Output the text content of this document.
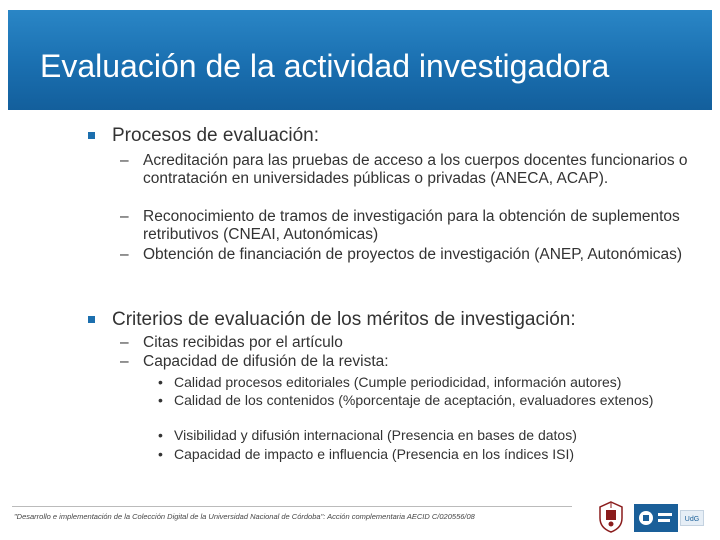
Evaluación de la actividad investigadora
Procesos de evaluación:
– Acreditación para las pruebas de acceso a los cuerpos docentes funcionarios o contratación en universidades públicas o privadas (ANECA, ACAP).
– Reconocimiento de tramos de investigación para la obtención de suplementos retributivos (CNEAI, Autonómicas)
– Obtención de financiación de proyectos de investigación (ANEP, Autonómicas)
Criterios de evaluación de los méritos de investigación:
– Citas recibidas por el artículo
– Capacidad de difusión de la revista:
• Calidad procesos editoriales (Cumple periodicidad, información autores)
• Calidad de los contenidos (%porcentaje de aceptación, evaluadores extenos)
• Visibilidad y difusión internacional (Presencia en bases de datos)
• Capacidad de impacto e influencia (Presencia en los índices ISI)
"Desarrollo e implementación de la Colección Digital de la Universidad Nacional de Córdoba": Acción complementaria AECID C/020556/08	UdG
